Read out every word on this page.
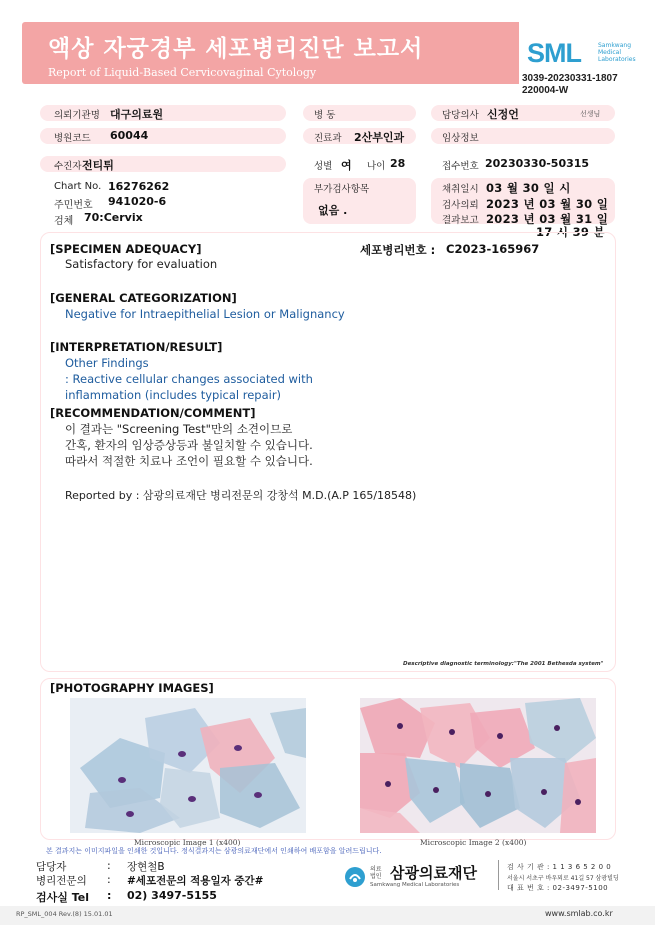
액상 자궁경부 세포병리진단 보고서
Report of Liquid-Based Cervicovaginal Cytology
SML	Samkwang Medical Laboratories
3039-20230331-1807
220004-W
의뢰기관명 대구의료원	병 동	담당의사 신정언	선생님
병원코드 60044	진료과 2산부인과	임상정보
수진자 전티튀	성별 여 나이 28	접수번호 20230330-50315
Chart No. 16276262
주민번호 941020-6
검체 70:Cervix
부가검사항목
없음 .
채취일시 03 월 30 일 시
검사의뢰 2023 년 03 월 30 일
결과보고 2023 년 03 월 31 일
17 시 39 분
[SPECIMEN ADEQUACY]	세포병리번호 : C2023-165967
Satisfactory for evaluation
[GENERAL CATEGORIZATION]
Negative for Intraepithelial Lesion or Malignancy
[INTERPRETATION/RESULT]
Other Findings
: Reactive cellular changes associated with
inflammation (includes typical repair)
[RECOMMENDATION/COMMENT]
이 결과는 "Screening Test"만의 소견이므로
간혹, 환자의 임상증상등과 불일치할 수 있습니다.
따라서 적절한 치료나 조언이 필요할 수 있습니다.
Reported by : 삼광의료재단 병리전문의 강창석 M.D.(A.P 165/18548)
Descriptive diagnostic terminology:"The 2001 Bethesda system"
[PHOTOGRAPHY IMAGES]
Microscopic Image 1 (x400)	Microscopic Image 2 (x400)
본 결과지는 이미지파일을 인쇄한 것입니다. 정식결과지는 삼광의료재단에서 인쇄하여 배포함을 알려드립니다.
담당자	: 장현철B
병리전문의 : #세포전문의 적용일자 중간#
검사실 Tel : 02) 3497-5155
의료법인 삼광의료재단
Samkwang Medical Laboratories
검 사 기 관 : 1 1 3 6 5 2 0 0
서울시 서초구 바우뫼로 41길 57 삼광빌딩
대 표 번 호 : 02-3497-5100
RP_SML_004 Rev.(8) 15.01.01	www.smlab.co.kr
